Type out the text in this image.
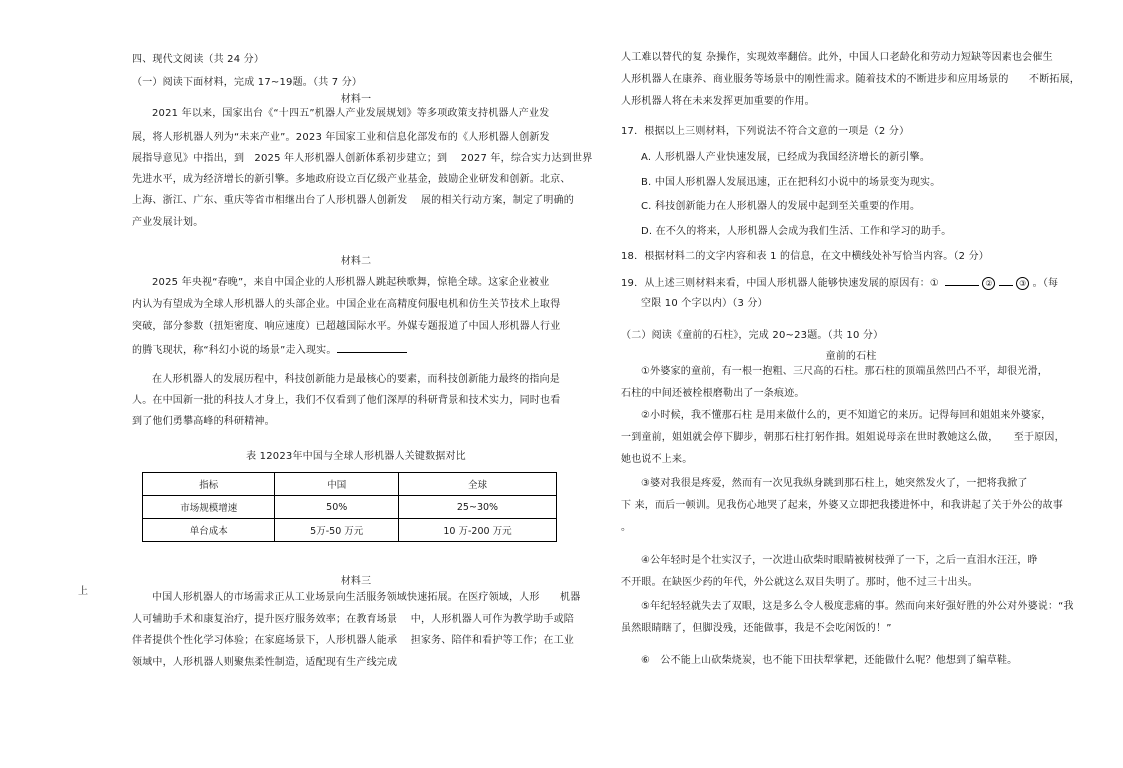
四、现代文阅读（共 24 分）
（一）阅读下面材料，完成 17~19题。（共 7 分）
材料一
2021 年以来，国家出台《“十四五”机器人产业发展规划》等多项政策支持机器人产业发
展，将人形机器人列为“未来产业”。2023 年国家工业和信息化部发布的《人形机器人创新发
展指导意见》中指出，到　2025 年人形机器人创新体系初步建立；到　 2027 年，综合实力达到世界
先进水平，成为经济增长的新引擎。多地政府设立百亿级产业基金，鼓励企业研发和创新。北京、
上海、浙江、广东、重庆等省市相继出台了人形机器人创新发　 展的相关行动方案，制定了明确的
产业发展计划。
材料二
2025 年央视“春晚”，来自中国企业的人形机器人跳起秧歌舞，惊艳全球。这家企业被业
内认为有望成为全球人形机器人的头部企业。中国企业在高精度伺服电机和仿生关节技术上取得
突破，部分参数（扭矩密度、响应速度）已超越国际水平。外媒专题报道了中国人形机器人行业
的腾飞现状，称“科幻小说的场景”走入现实。
在人形机器人的发展历程中，科技创新能力是最核心的要素，而科技创新能力最终的指向是
人。在中国新一批的科技人才身上，我们不仅看到了他们深厚的科研背景和技术实力，同时也看
到了他们勇攀高峰的科研精神。
表 12023年中国与全球人形机器人关键数据对比
指标	中国	全球
市场规模增速	50%	25~30%
单台成本	5万-50 万元	10 万-200 万元
材料三
中国人形机器人的市场需求正从工业场景向生活服务领域快速拓展。在医疗领域，人形　　机器
人可辅助手术和康复治疗，提升医疗服务效率；在教育场景　 中，人形机器人可作为教学助手或陪
伴者提供个性化学习体验；在家庭场景下，人形机器人能承　 担家务、陪伴和看护等工作；在工业
领域中，人形机器人则聚焦柔性制造，适配现有生产线完成
上
人工难以替代的复 杂操作，实现效率翻倍。此外，中国人口老龄化和劳动力短缺等因素也会催生
人形机器人在康养、商业服务等场景中的刚性需求。随着技术的不断进步和应用场景的　　不断拓展，
人形机器人将在未来发挥更加重要的作用。
17．根据以上三则材料，下列说法不符合文意的一项是（2 分）
A. 人形机器人产业快速发展，已经成为我国经济增长的新引擎。
B. 中国人形机器人发展迅速，正在把科幻小说中的场景变为现实。
C. 科技创新能力在人形机器人的发展中起到至关重要的作用。
D. 在不久的将来，人形机器人会成为我们生活、工作和学习的助手。
18．根据材料二的文字内容和表 1 的信息，在文中横线处补写恰当内容。（2 分）
19．从上述三则材料来看，中国人形机器人能够快速发展的原因有：①	②	③ 。（每
空限 10 个字以内）（3 分）
（二）阅读《童前的石柱》，完成 20~23题。（共 10 分）
童前的石柱
①外婆家的童前，有一根一抱粗、三尺高的石柱。那石柱的顶端虽然凹凸不平，却很光滑，
石柱的中间还被栓根磨勒出了一条痕迹。
②小时候，我不懂那石柱 是用来做什么的，更不知道它的来历。记得每回和姐姐来外婆家，
一到童前，姐姐就会停下脚步，朝那石柱打躬作揖。姐姐说母亲在世时教她这么做，　　至于原因，
她也说不上来。
③婆对我很是疼爱，然而有一次见我纵身跳到那石柱上，她突然发火了，一把将我掀了
下 来，而后一顿训。见我伤心地哭了起来，外婆又立即把我搂进怀中，和我讲起了关于外公的故事
。
④公年轻时是个壮实汉子，一次进山砍柴时眼睛被树枝弹了一下，之后一直泪水汪汪，睁
不开眼。在缺医少药的年代，外公就这么双目失明了。那时，他不过三十出头。
⑤年纪轻轻就失去了双眼，这是多么令人极度悲痛的事。然而向来好强好胜的外公对外婆说：“我
虽然眼睛瞎了，但脚没残，还能做事，我是不会吃闲饭的！”
⑥　公不能上山砍柴烧炭，也不能下田扶犁掌耙，还能做什么呢？他想到了编草鞋。
